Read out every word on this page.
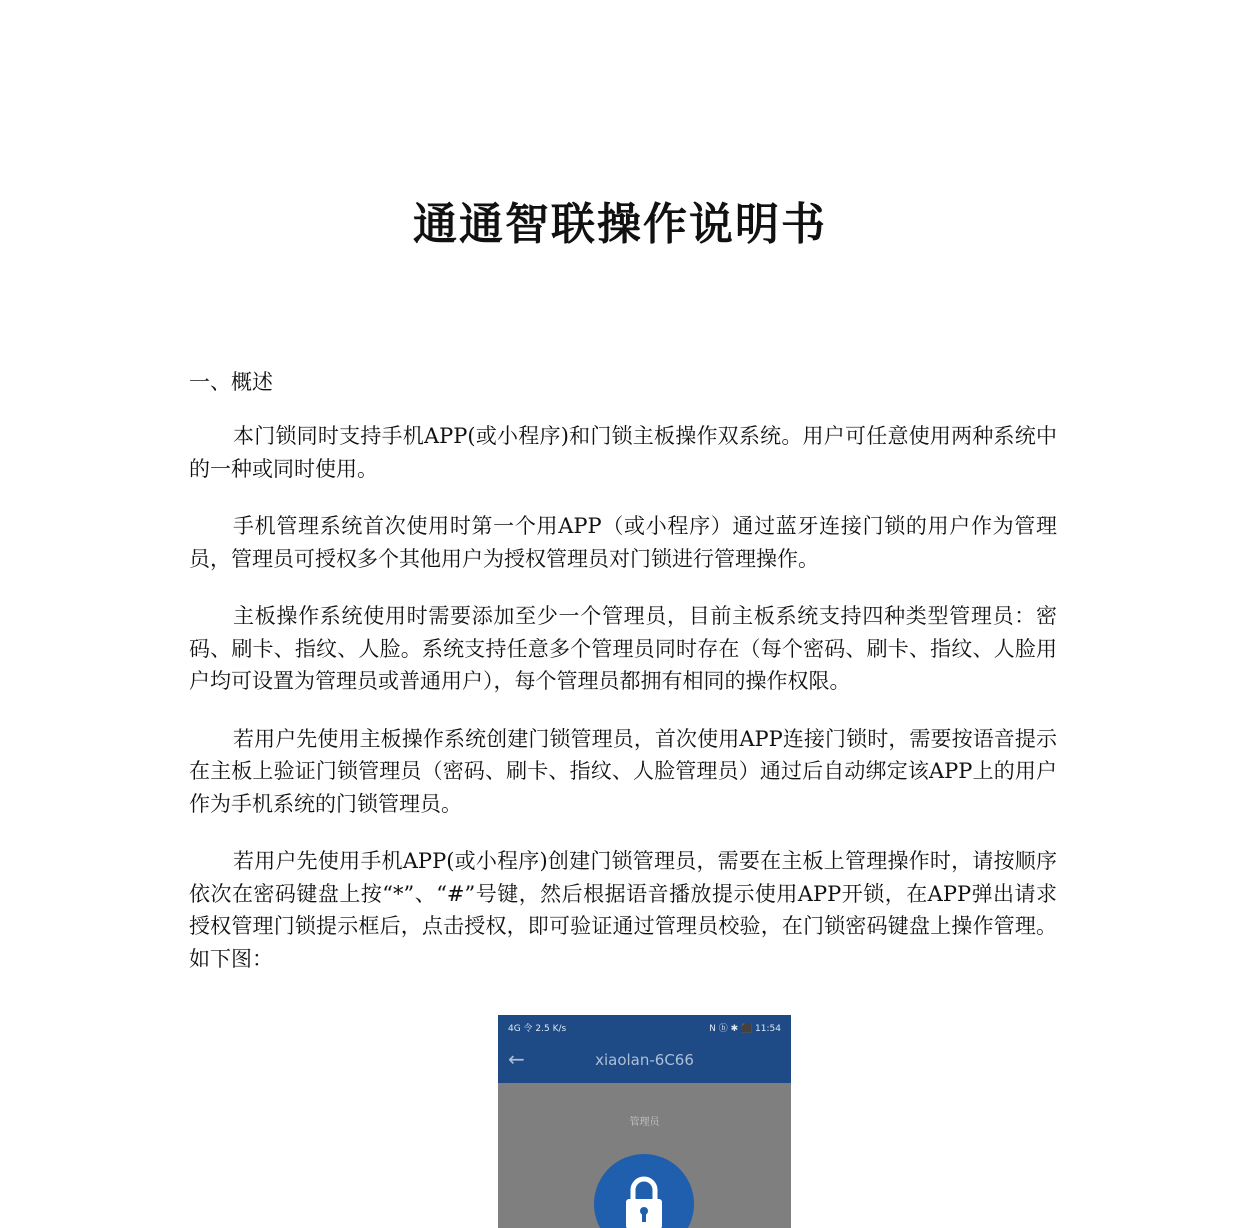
通通智联操作说明书
一、概述

本门锁同时支持手机APP(或小程序)和门锁主板操作双系统。用户可任意使用两种系统中的一种或同时使用。

手机管理系统首次使用时第一个用APP（或小程序）通过蓝牙连接门锁的用户作为管理员，管理员可授权多个其他用户为授权管理员对门锁进行管理操作。

主板操作系统使用时需要添加至少一个管理员，目前主板系统支持四种类型管理员：密码、刷卡、指纹、人脸。系统支持任意多个管理员同时存在（每个密码、刷卡、指纹、人脸用户均可设置为管理员或普通用户），每个管理员都拥有相同的操作权限。

若用户先使用主板操作系统创建门锁管理员，首次使用APP连接门锁时，需要按语音提示在主板上验证门锁管理员（密码、刷卡、指纹、人脸管理员）通过后自动绑定该APP上的用户作为手机系统的门锁管理员。

若用户先使用手机APP(或小程序)创建门锁管理员，需要在主板上管理操作时，请按顺序依次在密码键盘上按“*”、“#”号键，然后根据语音播放提示使用APP开锁，在APP弹出请求授权管理门锁提示框后，点击授权，即可验证通过管理员校验，在门锁密码键盘上操作管理。如下图：

4G 令 2.5 K/s	N ⓑ ✱ ⬛ 11:54
←	xiaolan-6C66
管理员
